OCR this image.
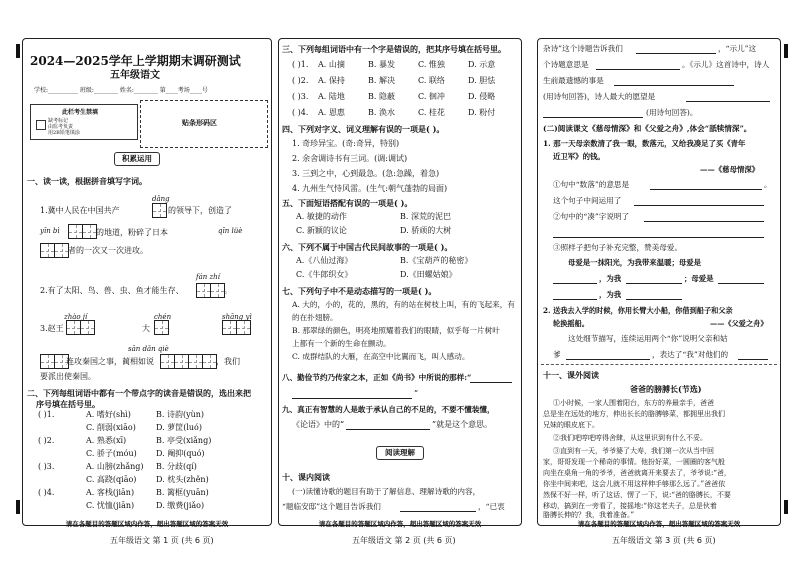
2024—2025学年上学期期末调研测试
五年级语文
学校:__________ 班级:________ 姓名:________ 第____考场____号
此栏考生禁填
缺考标记
由监考负责
用2B铅笔填涂
贴条形码区
积累运用
一、读一读，根据拼音填写字词。
dǎng
1.冀中人民在中国共产	的领导下，创造了
yīn bì	的地道，粉碎了日本	qīn lüè
者的一次又一次进攻。
fán zhí
2.有了太阳、鸟、兽、虫、鱼才能生存、	。
zhào jí	chén	shāng yì
3.赵王	大
sān dǎn qiè
连攻秦国之事，蔺相如说	，我们
要派出使秦国。
二、下列每组词语中都有一个带点字的读音是错误的，选出来把
序号填在括号里。
( )1.	A. 嗜好(shì)	B. 诗韵(yùn)
C. 削弱(xiāo)	D. 萝筐(luó)
( )2.	A. 熟悉(xī)	B. 亭受(xiǎng)
C. 骄子(móu) D. 阉抑(quó)
( )3.	A. 山膀(zhǎng) B. 分歧(qí)
C. 高跷(qiāo) D. 枕头(zhěn)
( )4.	A. 客栈(jiān)	B. 篱框(yuān)
C. 忧恤(jiān)	D. 缴费(jiǎo)
请在各题目的答题区域内作答，超出答题区域的答案无效
五年级语文 第 1 页 (共 6 页)
三、下列每组词语中有一个字是错误的，把其序号填在括号里。
( )1. A. 山摘	B. 暴发	C. 惟独	D. 示意
( )2. A. 保持	B. 解决	C. 联络	D. 胆怯
( )3. A. 陆地	B. 隐蔽	C. 徊冲	D. 侵略
( )4. A. 恩惠	B. 涣水	C. 桂花	D. 粉付
四、下列对字义、词义理解有误的一项是( )。
1. 奇珍异宝。(奇:奇异，特别)
2. 余舍调诗书有三词。(调:调试)
3. 三到之中，心到最急。(急:急躁，着急)
4. 九州生气恃风雷。(生气:朝气蓬勃的局面)
五、下面短语搭配有误的一项是( )。
A. 敏捷的动作	B. 深荒的泥巴
C. 新颖的议论	D. 骄顽的大树
六、下列不属于中国古代民间故事的一项是( )。
A.《八仙过海》	B.《宝葫芦的秘密》
C.《牛郎织女》	D.《田螺姑娘》
七、下列句子中不是动态描写的一项是( )。
A. 大的，小的，花的，黑的，有的站在树枝上叫，有的飞起来，有
的在扑翅膀。
B. 那翠绿的颜色，明亮地照耀着我们的眼睛，似乎每一片树叶
上都有一个新的生命在颤动。
C. 成群结队的大雁，在高空中比翼而飞，叫人感动。
八、勤俭节约乃传家之本，正如《尚书》中所说的那样:“
”
九、真正有智慧的人是敢于承认自己的不足的，不要不懂装懂，
《论语》中的“	”就是这个意思。
阅读理解
十、课内阅读
(一)读懂诗歌的题目有助于了解信息、理解诗歌的内容，
“题临安邸”这个题目告诉我们	，“已衷
请在各题目的答题区域内作答，超出答题区域的答案无效
五年级语文 第 2 页 (共 6 页)
杂诗”这个诗题告诉我们	，“示儿”这
个诗题意思是	。《示儿》这首诗中，诗人
生前最遗憾的事是
(用诗句回答)，诗人最大的愿望是
(用诗句回答)。
(二)阅读课文《慈母情深》和《父爱之舟》,体会“舐犊情深”。
1. 那一天母亲数清了我一眼，数落元，又给我凑足了买《青年
近卫军》的钱。
——《慈母情深》
①句中“数落”的意思是	。
这个句子中间运用了
②句中的“凑”字说明了
③照样子把句子补充完整，赞美母爱。
母爱是一抹阳光，为我带来温暖；母爱是
，为我	；母爱是
，为我
2. 送我去入学的时候，你用长臂大小船，你借到船子和父亲
轮换摇船。	——《父爱之舟》
这处细节描写，连续运用两个“你”说明父亲和姑
爹	，表达了“我”对他们的
十一、课外阅读
爸爸的膀膊长(节选)
①小时候，一家人围着阳台，东方的养最亲手，爸爸
总是坐在远处的地方，伸出长长的胳膊够菜，都拥里出我们
兄妹的眼皮底下。
②我们吧哼吧哼得舍肆，从这里识到有什么不妥。
③直到有一天，爷爷婆了大寿，我们第一次从当中回
家，哥哥发现一个稀奇的事情。他扮好菜，一圆圈的客气般
向坐在桌角一角的爷爷，爸爸就离开来要去了，爷爷说:“爸，
你坐中间来吧，这会儿就不用这样伸手够那么远了。”爸爸依
然保不好一样，听了这话，愣了一下，说:“爸的胳膊长，不要
移动，搞到在一旁看了，接摇地:“你这老夫子，总是伙着
胳膊长伸的？我，我着准备。”
请在各题目的答题区域内作答，超出答题区域的答案无效
五年级语文 第 3 页 (共 6 页)
